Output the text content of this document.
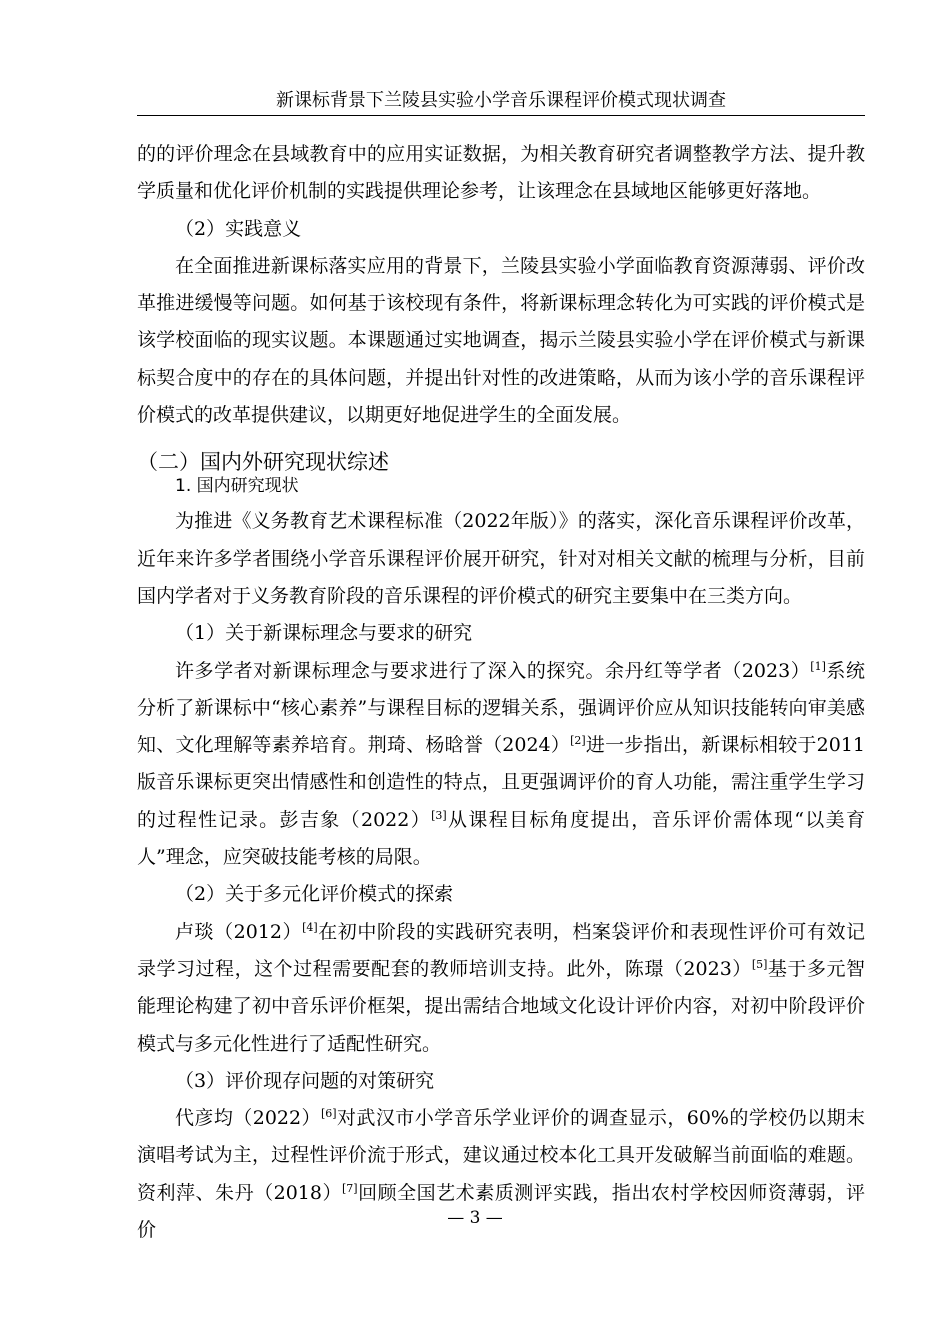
新课标背景下兰陵县实验小学音乐课程评价模式现状调查

的的评价理念在县域教育中的应用实证数据，为相关教育研究者调整教学方法、提升教学质量和优化评价机制的实践提供理论参考，让该理念在县域地区能够更好落地。

（2）实践意义

在全面推进新课标落实应用的背景下，兰陵县实验小学面临教育资源薄弱、评价改革推进缓慢等问题。如何基于该校现有条件，将新课标理念转化为可实践的评价模式是该学校面临的现实议题。本课题通过实地调查，揭示兰陵县实验小学在评价模式与新课标契合度中的存在的具体问题，并提出针对性的改进策略，从而为该小学的音乐课程评价模式的改革提供建议，以期更好地促进学生的全面发展。

（二）国内外研究现状综述
1. 国内研究现状

为推进《义务教育艺术课程标准（2022年版）》的落实，深化音乐课程评价改革，近年来许多学者围绕小学音乐课程评价展开研究，针对对相关文献的梳理与分析，目前国内学者对于义务教育阶段的音乐课程的评价模式的研究主要集中在三类方向。

（1）关于新课标理念与要求的研究

许多学者对新课标理念与要求进行了深入的探究。余丹红等学者（2023）[1]系统分析了新课标中“核心素养”与课程目标的逻辑关系，强调评价应从知识技能转向审美感知、文化理解等素养培育。荆琦、杨晗誉（2024）[2]进一步指出，新课标相较于2011版音乐课标更突出情感性和创造性的特点，且更强调评价的育人功能，需注重学生学习的过程性记录。彭吉象（2022）[3]从课程目标角度提出，音乐评价需体现“以美育人”理念，应突破技能考核的局限。

（2）关于多元化评价模式的探索

卢琰（2012）[4]在初中阶段的实践研究表明，档案袋评价和表现性评价可有效记录学习过程，这个过程需要配套的教师培训支持。此外，陈璟（2023）[5]基于多元智能理论构建了初中音乐评价框架，提出需结合地域文化设计评价内容，对初中阶段评价模式与多元化性进行了适配性研究。

（3）评价现存问题的对策研究

代彦均（2022）[6]对武汉市小学音乐学业评价的调查显示，60%的学校仍以期末演唱考试为主，过程性评价流于形式，建议通过校本化工具开发破解当前面临的难题。资利萍、朱丹（2018）[7]回顾全国艺术素质测评实践，指出农村学校因师资薄弱，评价

— 3 —
